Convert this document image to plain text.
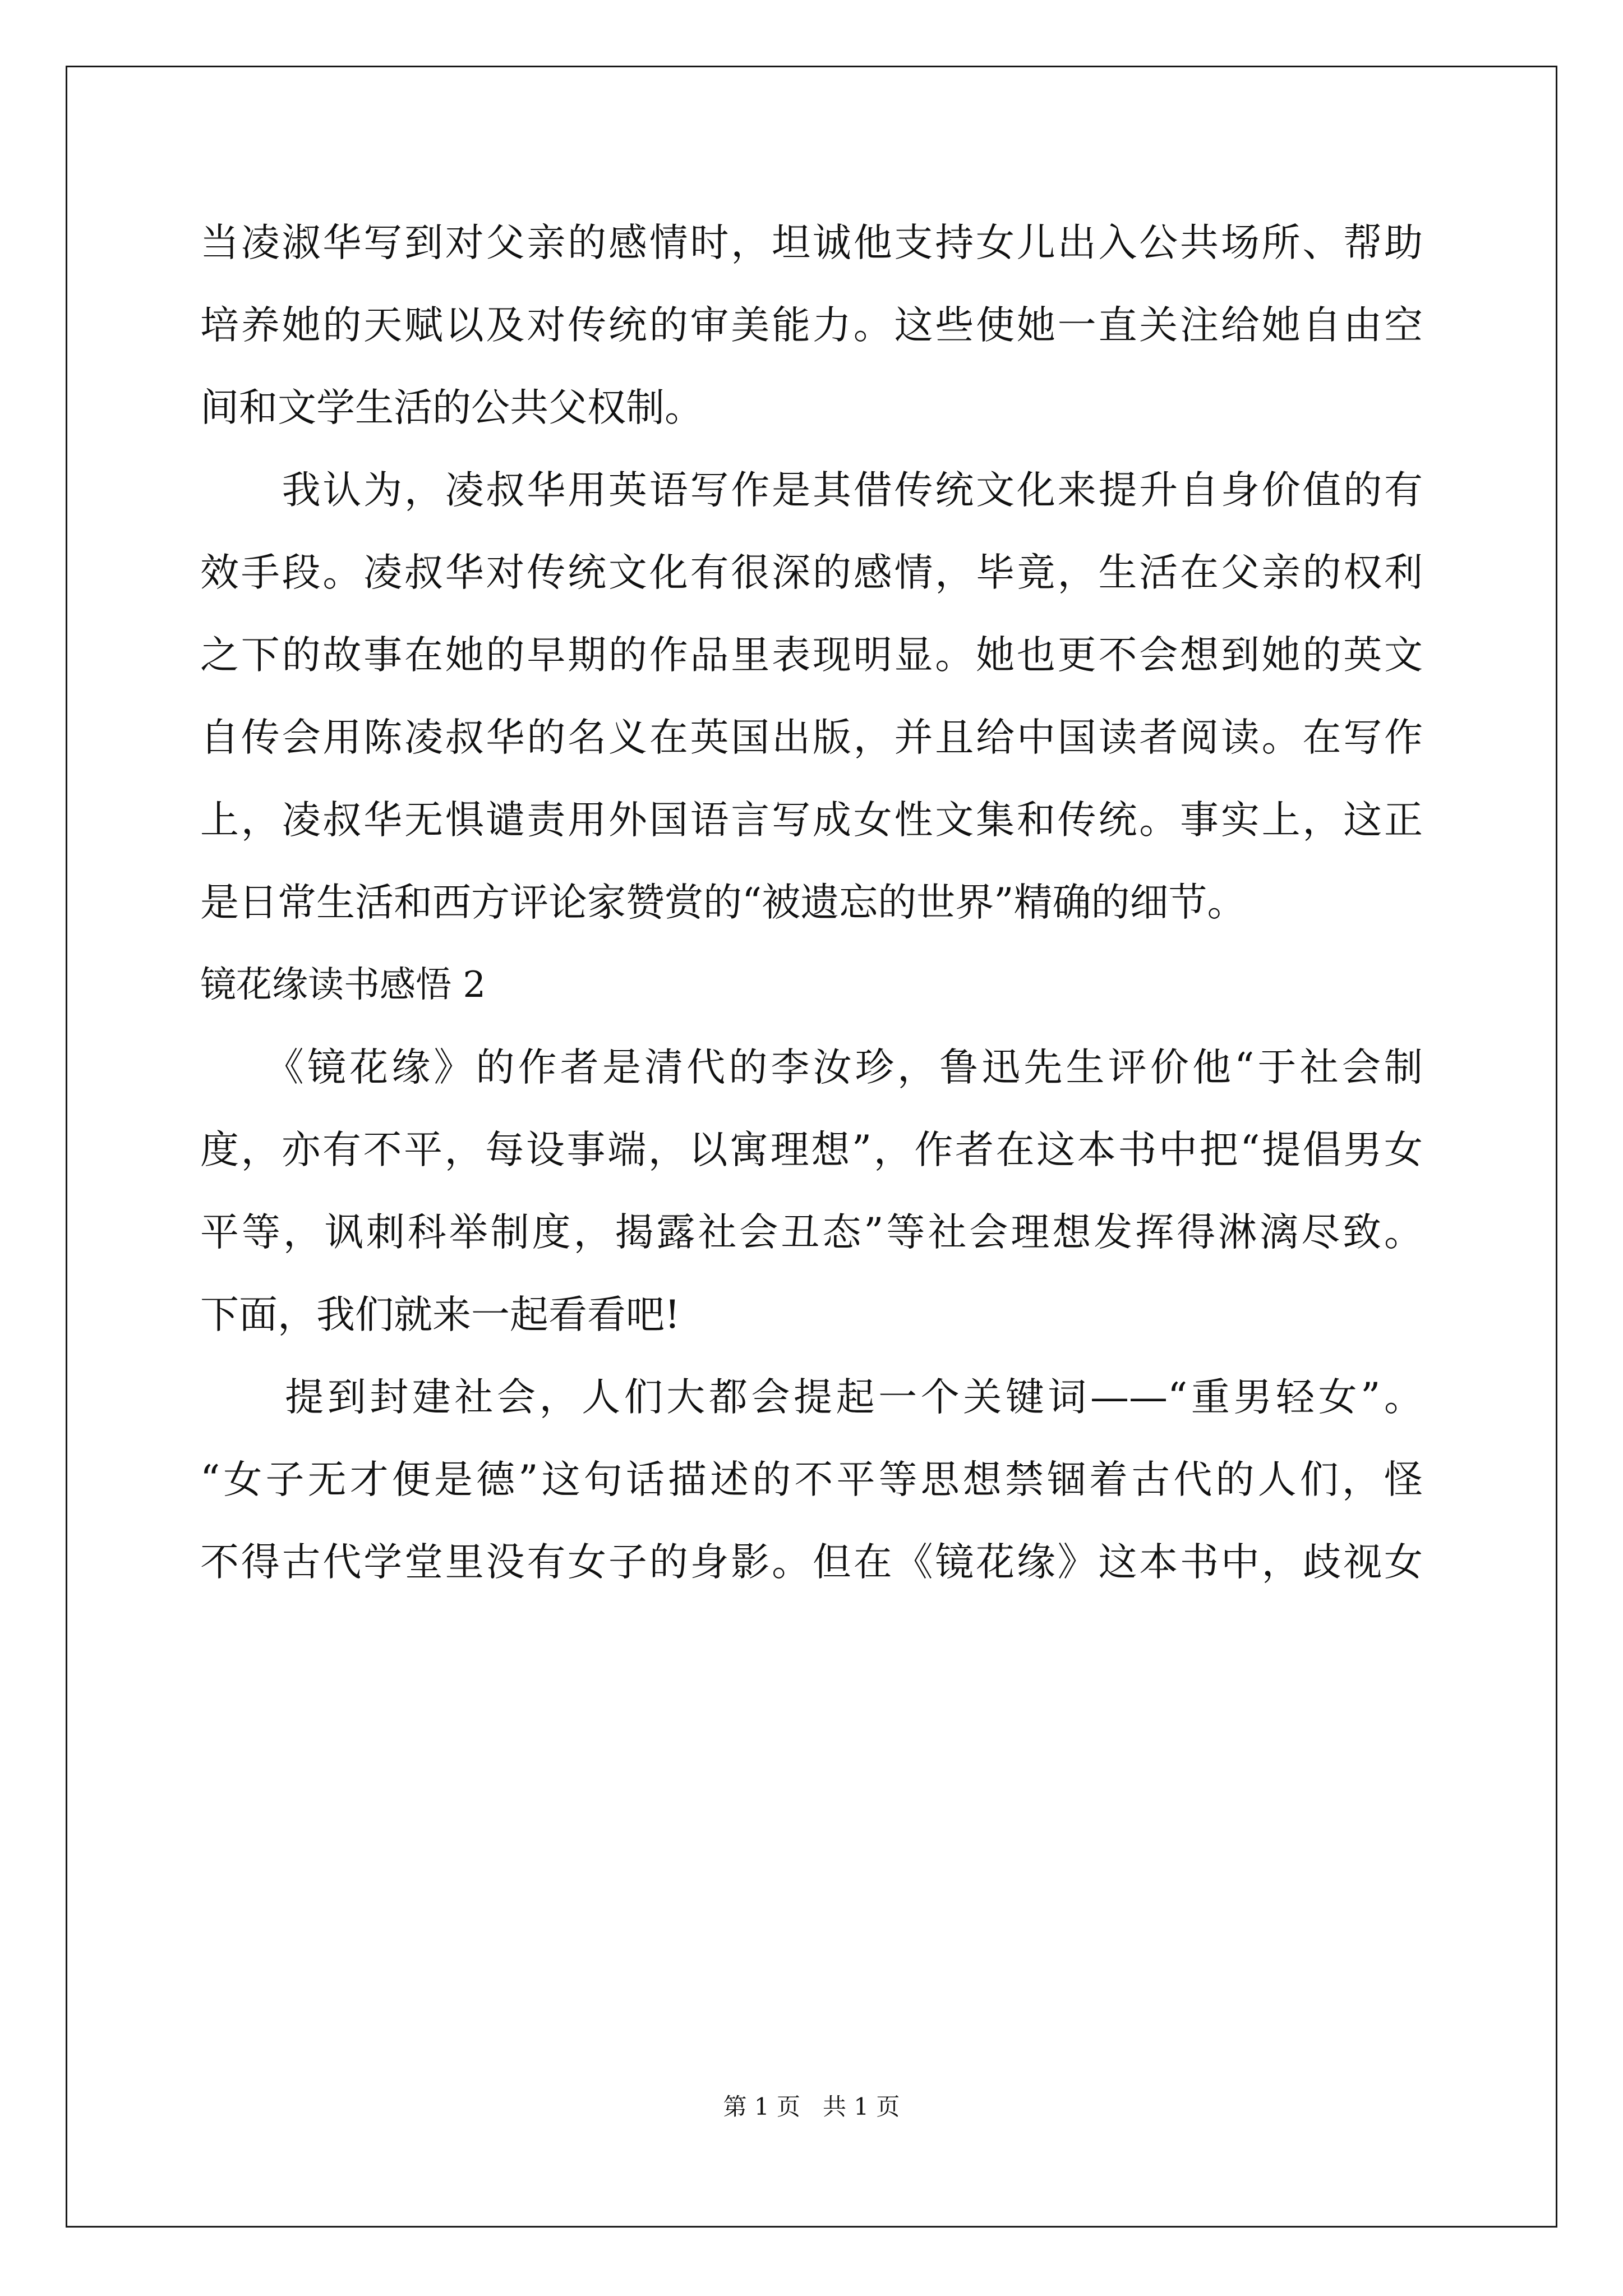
当凌淑华写到对父亲的感情时，坦诚他支持女儿出入公共场所、帮助
培养她的天赋以及对传统的审美能力。这些使她一直关注给她自由空
间和文学生活的公共父权制。
　　我认为，凌叔华用英语写作是其借传统文化来提升自身价值的有
效手段。凌叔华对传统文化有很深的感情，毕竟，生活在父亲的权利
之下的故事在她的早期的作品里表现明显。她也更不会想到她的英文
自传会用陈凌叔华的名义在英国出版，并且给中国读者阅读。在写作
上，凌叔华无惧谴责用外国语言写成女性文集和传统。事实上，这正
是日常生活和西方评论家赞赏的“被遗忘的世界”精确的细节。
镜花缘读书感悟 2
　　《镜花缘》的作者是清代的李汝珍，鲁迅先生评价他“于社会制
度，亦有不平，每设事端，以寓理想”，作者在这本书中把“提倡男女
平等，讽刺科举制度，揭露社会丑态”等社会理想发挥得淋漓尽致。
下面，我们就来一起看看吧!
　　提到封建社会，人们大都会提起一个关键词——“重男轻女”。
“女子无才便是德”这句话描述的不平等思想禁锢着古代的人们，怪
不得古代学堂里没有女子的身影。但在《镜花缘》这本书中，歧视女
第 1 页 共 1 页
